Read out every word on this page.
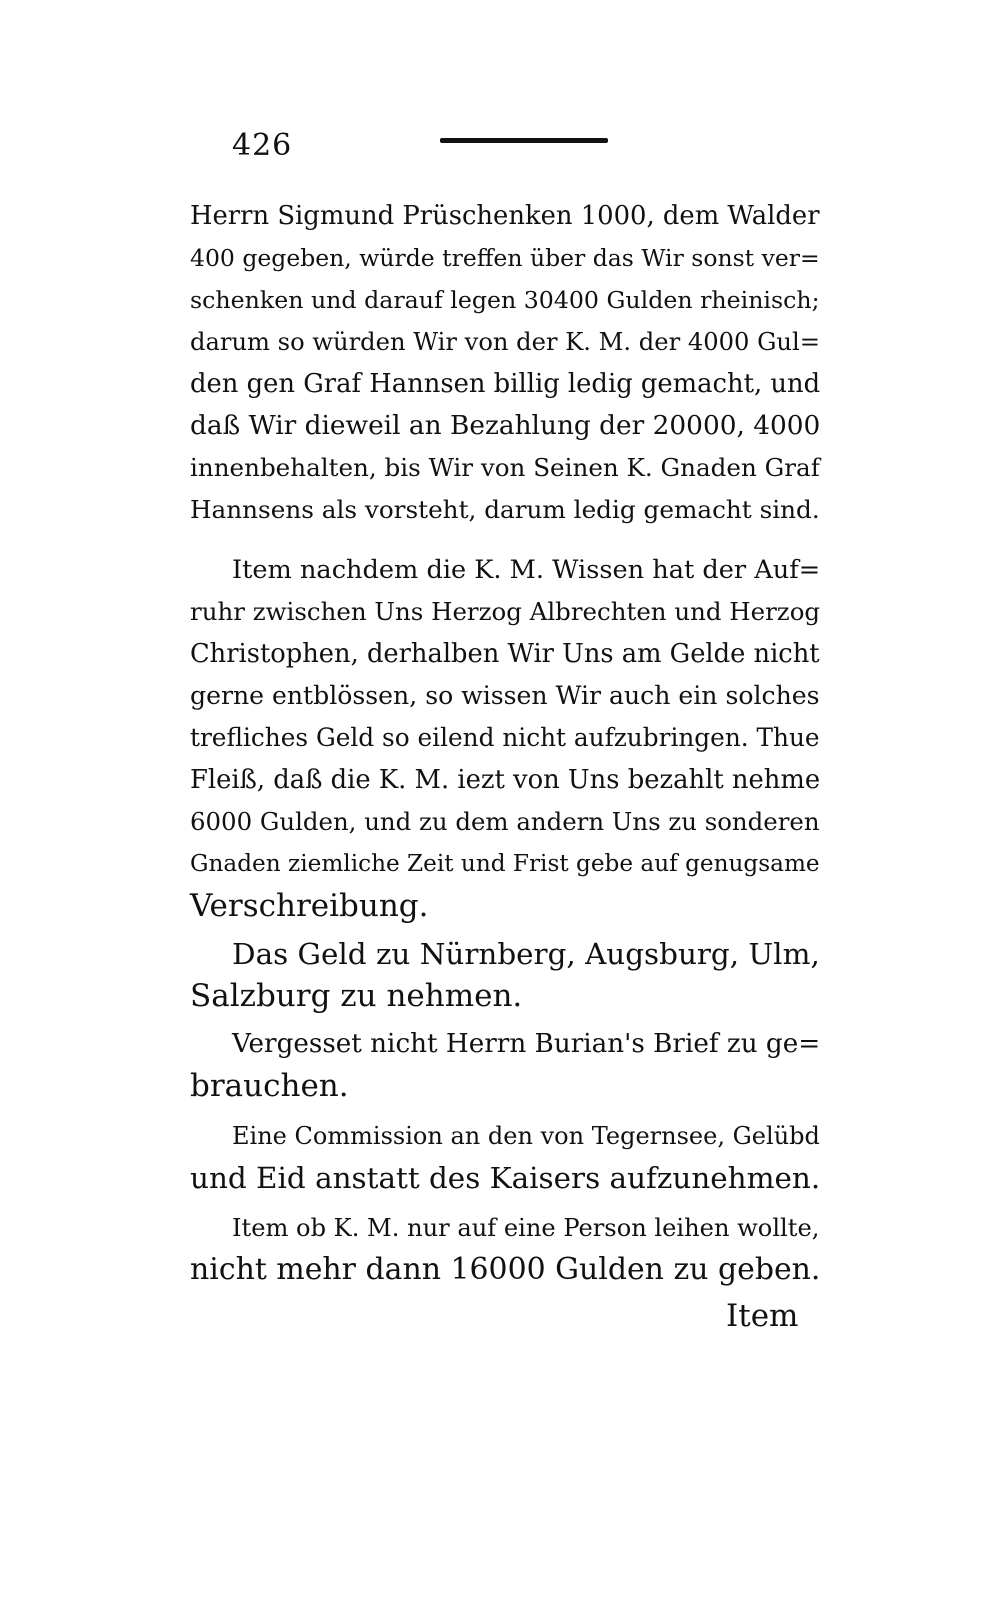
426

Herrn Sigmund Prüschenken 1000, dem Walder

400 gegeben, würde treffen über das Wir sonst ver=

schenken und darauf legen 30400 Gulden rheinisch;

darum so würden Wir von der K. M. der 4000 Gul=

den gen Graf Hannsen billig ledig gemacht, und

daß Wir dieweil an Bezahlung der 20000, 4000

innenbehalten, bis Wir von Seinen K. Gnaden Graf

Hannsens als vorsteht, darum ledig gemacht sind.

Item nachdem die K. M. Wissen hat der Auf=

ruhr zwischen Uns Herzog Albrechten und Herzog

Christophen, derhalben Wir Uns am Gelde nicht

gerne entblössen, so wissen Wir auch ein solches

trefliches Geld so eilend nicht aufzubringen. Thue

Fleiß, daß die K. M. iezt von Uns bezahlt nehme

6000 Gulden, und zu dem andern Uns zu sonderen

Gnaden ziemliche Zeit und Frist gebe auf genugsame

Verschreibung.

Das Geld zu Nürnberg, Augsburg, Ulm,

Salzburg zu nehmen.

Vergesset nicht Herrn Burian's Brief zu ge=

brauchen.

Eine Commission an den von Tegernsee, Gelübd

und Eid anstatt des Kaisers aufzunehmen.

Item ob K. M. nur auf eine Person leihen wollte,

nicht mehr dann 16000 Gulden zu geben.

Item
